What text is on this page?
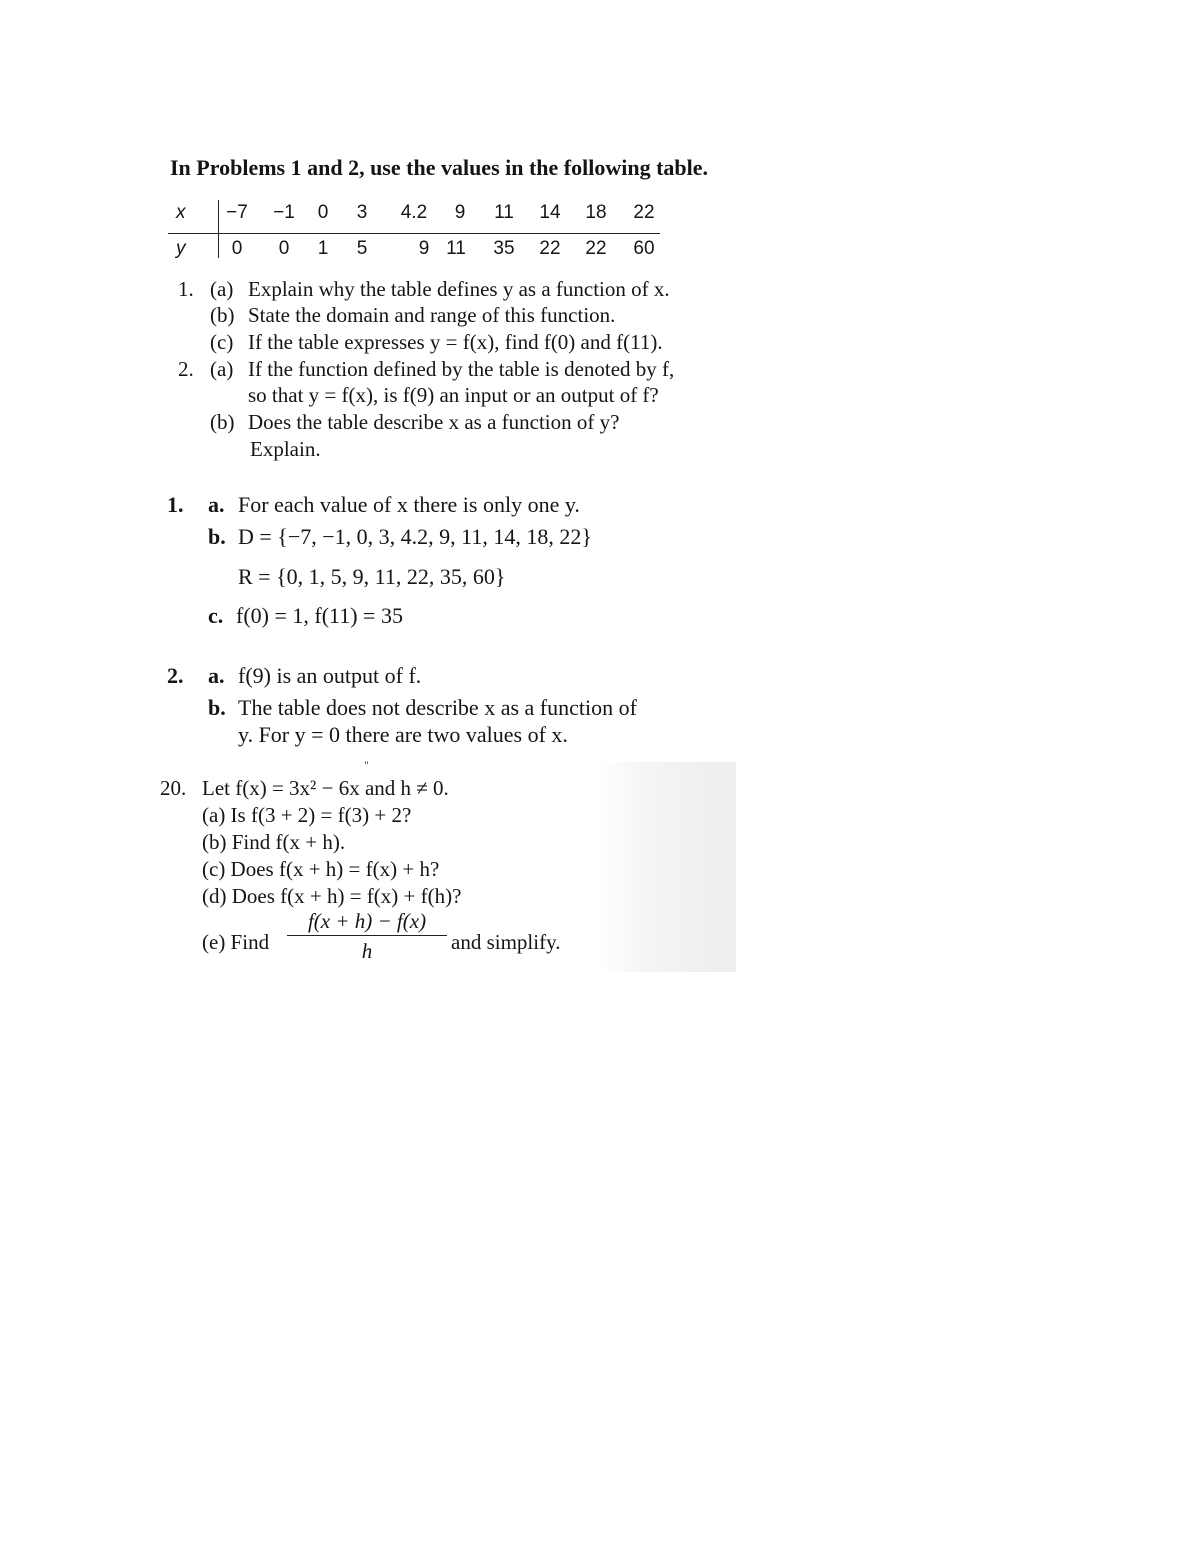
In Problems 1 and 2, use the values in the following table.
x −7 −1 0 3 4.2 9 11 14 18 22
y 0 0 1 5	9 11 35 22 22 60
1. (a) Explain why the table defines y as a function of x.
(b) State the domain and range of this function.
(c) If the table expresses y = f(x), find f(0) and f(11).
2. (a) If the function defined by the table is denoted by f,
so that y = f(x), is f(9) an input or an output of f?
(b) Does the table describe x as a function of y?
Explain.
1. a. For each value of x there is only one y.
b. D = {−7, −1, 0, 3, 4.2, 9, 11, 14, 18, 22}
R = {0, 1, 5, 9, 11, 22, 35, 60}
c. f(0) = 1, f(11) = 35
2. a. f(9) is an output of f.
b. The table does not describe x as a function of
y. For y = 0 there are two values of x.
"
20. Let f(x) = 3x² − 6x and h ≠ 0.
(a) Is f(3 + 2) = f(3) + 2?
(b) Find f(x + h).
(c) Does f(x + h) = f(x) + h?
(d) Does f(x + h) = f(x) + f(h)?
(e) Find
f(x + h) − f(x)
h	and simplify.
